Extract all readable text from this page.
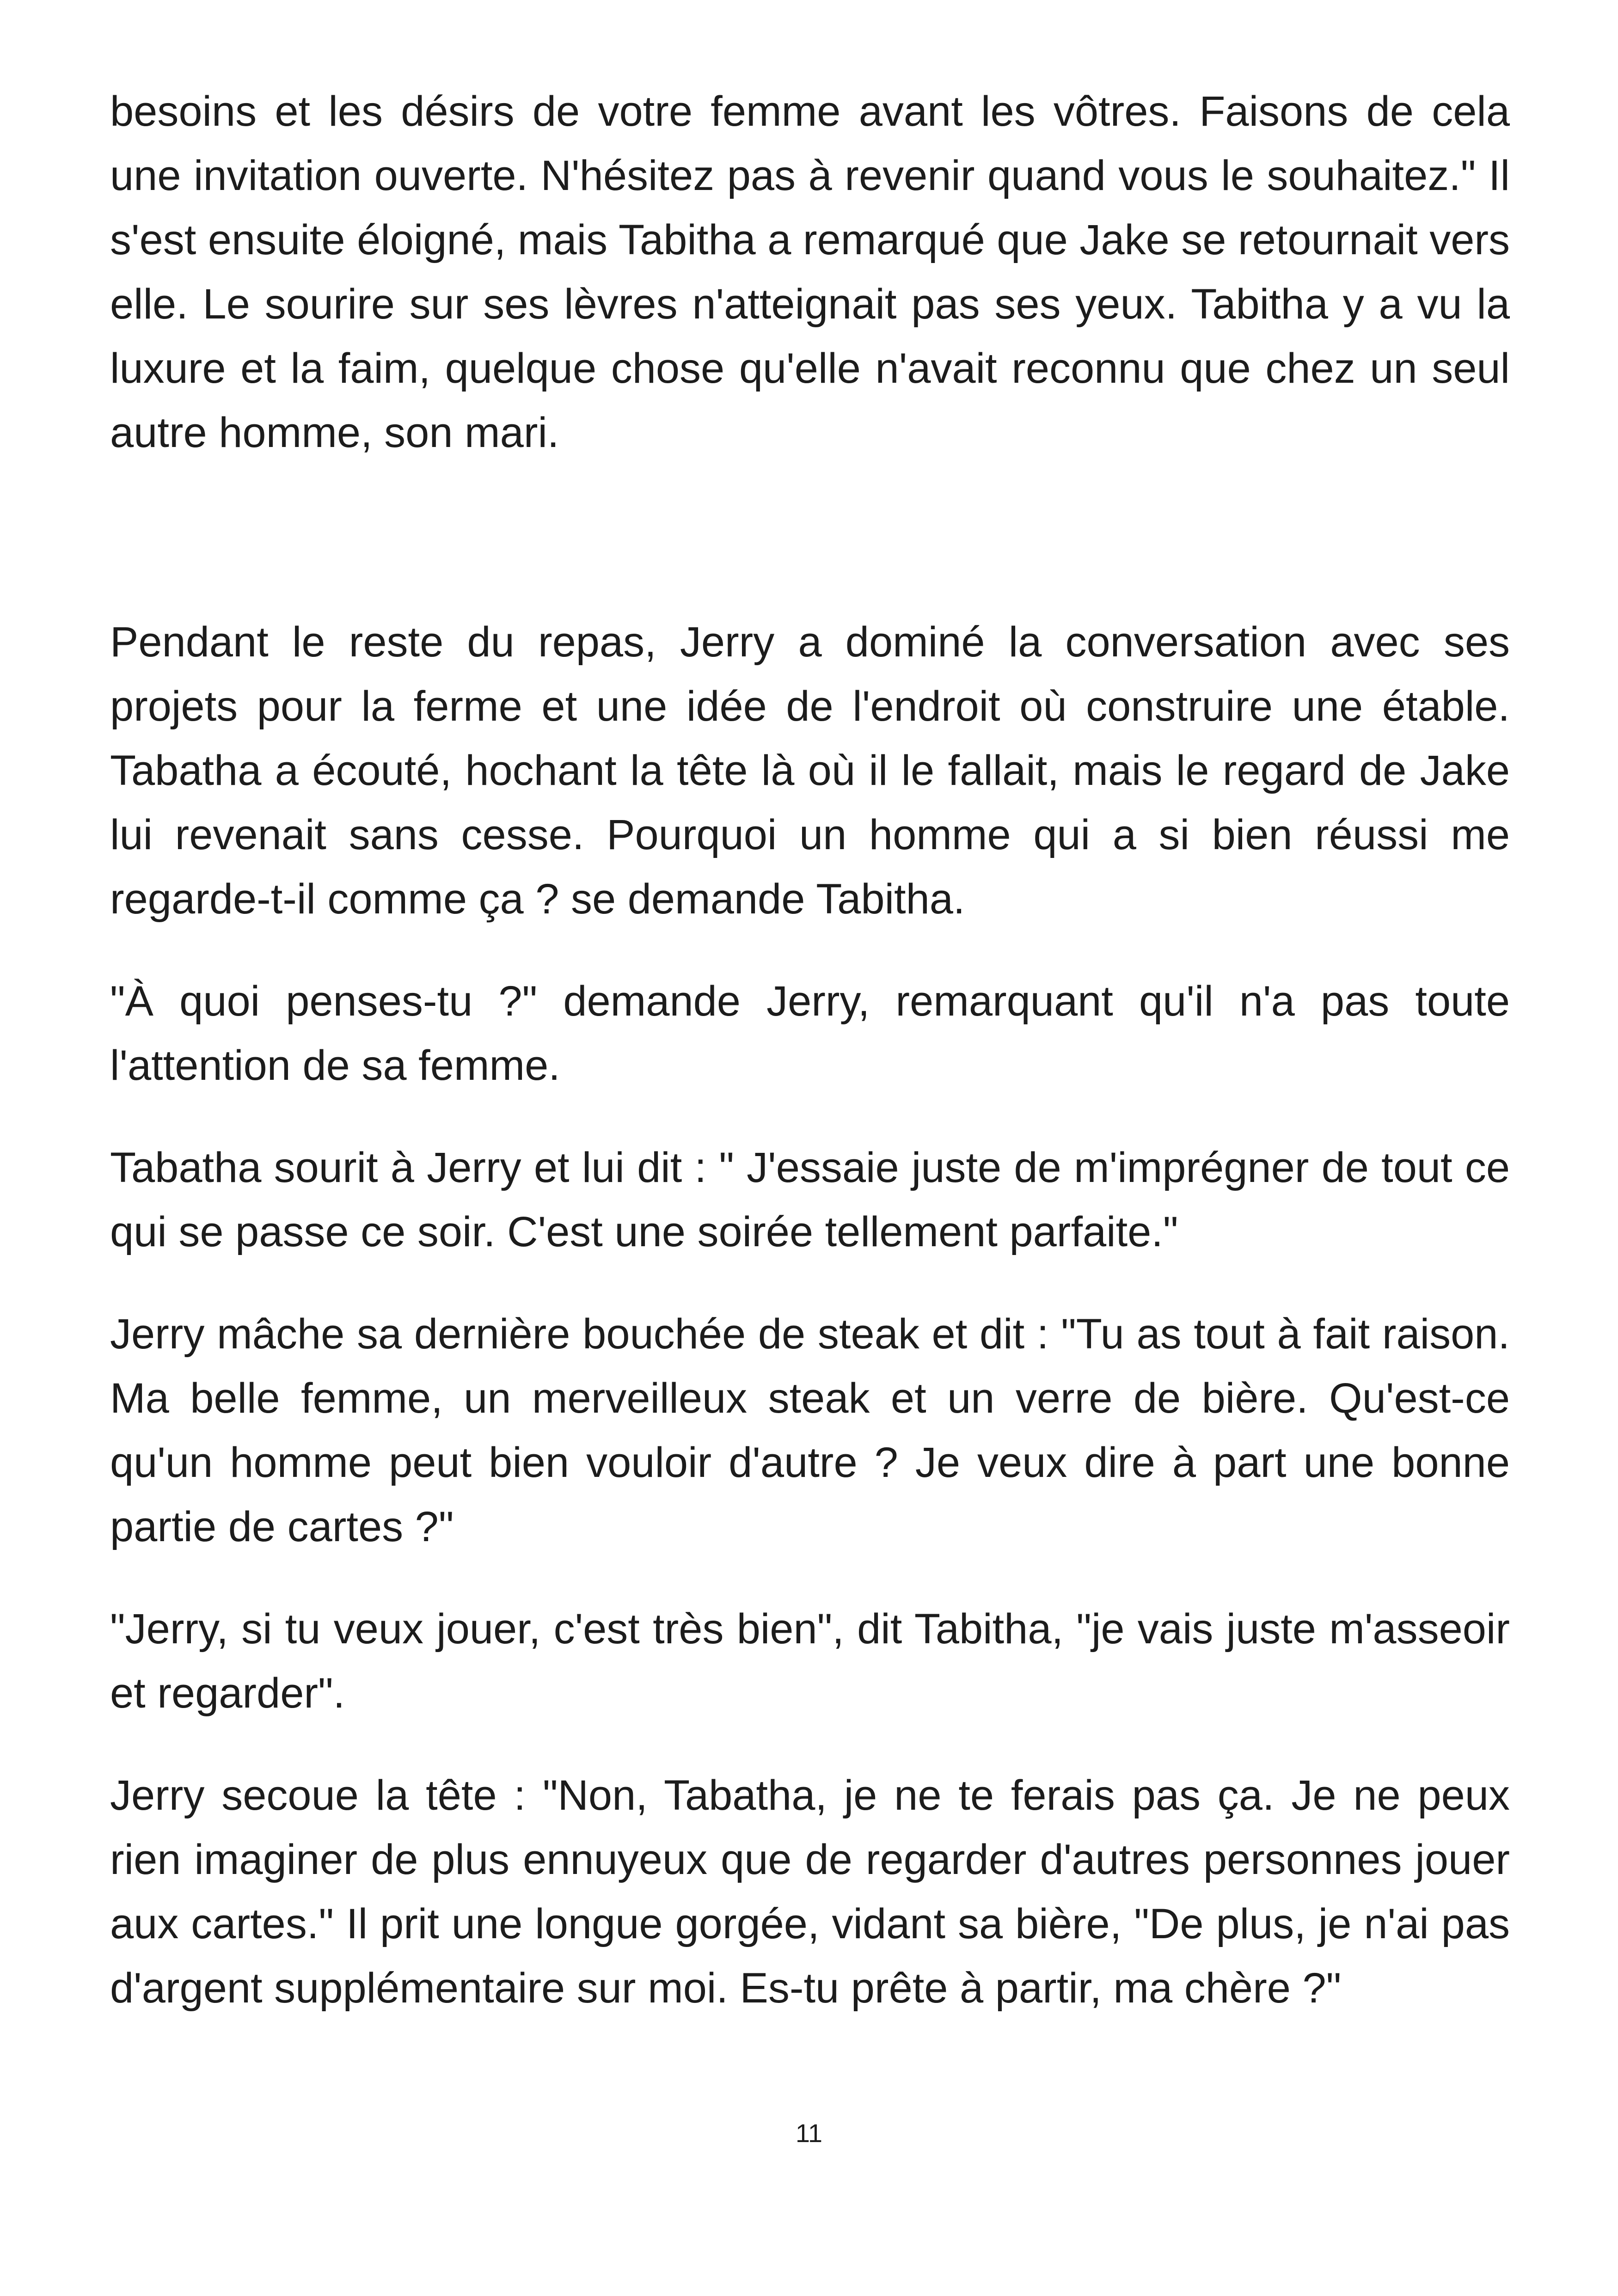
besoins et les désirs de votre femme avant les vôtres. Faisons de cela une invitation ouverte. N'hésitez pas à revenir quand vous le souhaitez." Il s'est ensuite éloigné, mais Tabitha a remarqué que Jake se retournait vers elle. Le sourire sur ses lèvres n'atteignait pas ses yeux. Tabitha y a vu la luxure et la faim, quelque chose qu'elle n'avait reconnu que chez un seul autre homme, son mari.

Pendant le reste du repas, Jerry a dominé la conversation avec ses projets pour la ferme et une idée de l'endroit où construire une étable. Tabatha a écouté, hochant la tête là où il le fallait, mais le regard de Jake lui revenait sans cesse. Pourquoi un homme qui a si bien réussi me regarde-t-il comme ça ? se demande Tabitha.

"À quoi penses-tu ?" demande Jerry, remarquant qu'il n'a pas toute l'attention de sa femme.

Tabatha sourit à Jerry et lui dit : " J'essaie juste de m'imprégner de tout ce qui se passe ce soir. C'est une soirée tellement parfaite."

Jerry mâche sa dernière bouchée de steak et dit : "Tu as tout à fait raison. Ma belle femme, un merveilleux steak et un verre de bière. Qu'est-ce qu'un homme peut bien vouloir d'autre ? Je veux dire à part une bonne partie de cartes ?"

"Jerry, si tu veux jouer, c'est très bien", dit Tabitha, "je vais juste m'asseoir et regarder".

Jerry secoue la tête : "Non, Tabatha, je ne te ferais pas ça. Je ne peux rien imaginer de plus ennuyeux que de regarder d'autres personnes jouer aux cartes." Il prit une longue gorgée, vidant sa bière, "De plus, je n'ai pas d'argent supplémentaire sur moi. Es-tu prête à partir, ma chère ?"

11
